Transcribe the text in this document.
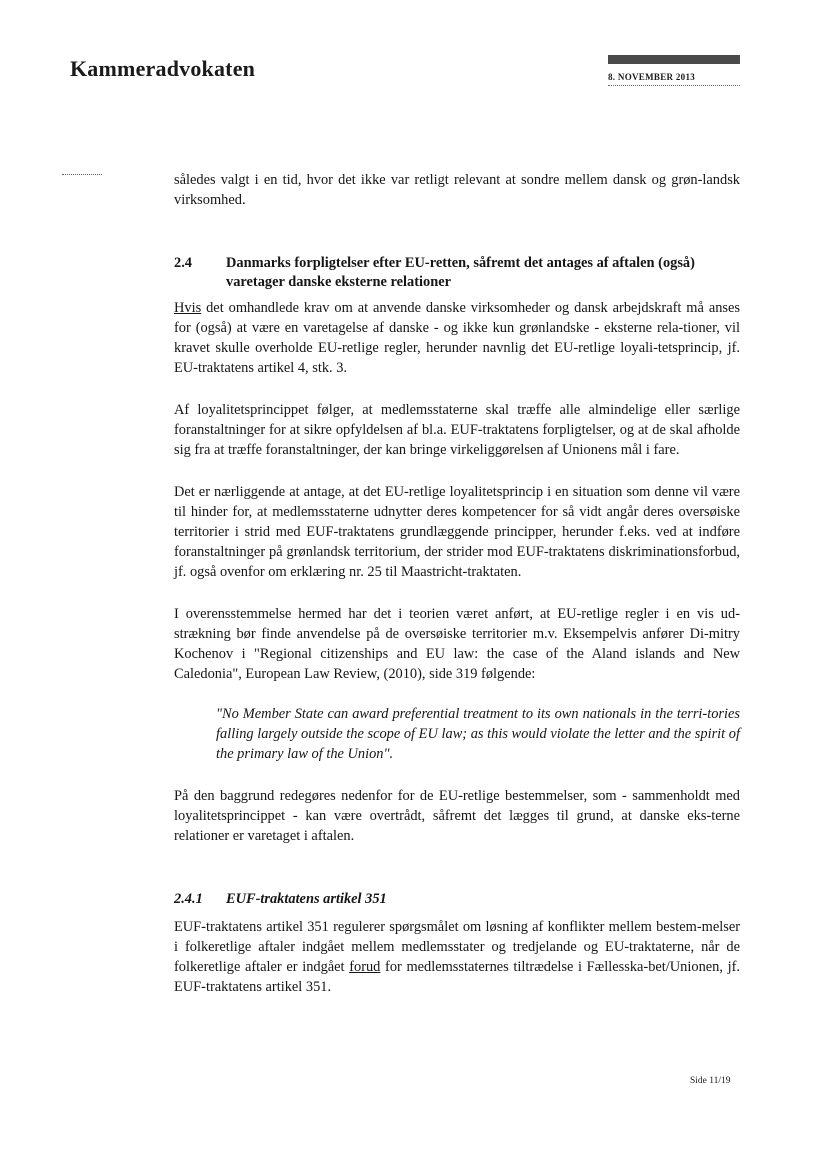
Kammeradvokaten	8. NOVEMBER 2013

således valgt i en tid, hvor det ikke var retligt relevant at sondre mellem dansk og grøn-landsk virksomhed.

2.4	Danmarks forpligtelser efter EU-retten, såfremt det antages af aftalen (også) varetager danske eksterne relationer

Hvis det omhandlede krav om at anvende danske virksomheder og dansk arbejdskraft må anses for (også) at være en varetagelse af danske - og ikke kun grønlandske - eksterne rela-tioner, vil kravet skulle overholde EU-retlige regler, herunder navnlig det EU-retlige loyali-tetsprincip, jf. EU-traktatens artikel 4, stk. 3.

Af loyalitetsprincippet følger, at medlemsstaterne skal træffe alle almindelige eller særlige foranstaltninger for at sikre opfyldelsen af bl.a. EUF-traktatens forpligtelser, og at de skal afholde sig fra at træffe foranstaltninger, der kan bringe virkeliggørelsen af Unionens mål i fare.

Det er nærliggende at antage, at det EU-retlige loyalitetsprincip i en situation som denne vil være til hinder for, at medlemsstaterne udnytter deres kompetencer for så vidt angår deres oversøiske territorier i strid med EUF-traktatens grundlæggende principper, herunder f.eks. ved at indføre foranstaltninger på grønlandsk territorium, der strider mod EUF-traktatens diskriminationsforbud, jf. også ovenfor om erklæring nr. 25 til Maastricht-traktaten.

I overensstemmelse hermed har det i teorien været anført, at EU-retlige regler i en vis ud-strækning bør finde anvendelse på de oversøiske territorier m.v. Eksempelvis anfører Di-mitry Kochenov i "Regional citizenships and EU law: the case of the Aland islands and New Caledonia", European Law Review, (2010), side 319 følgende:

"No Member State can award preferential treatment to its own nationals in the terri-tories falling largely outside the scope of EU law; as this would violate the letter and the spirit of the primary law of the Union".

På den baggrund redegøres nedenfor for de EU-retlige bestemmelser, som - sammenholdt med loyalitetsprincippet - kan være overtrådt, såfremt det lægges til grund, at danske eks-terne relationer er varetaget i aftalen.

2.4.1	EUF-traktatens artikel 351

EUF-traktatens artikel 351 regulerer spørgsmålet om løsning af konflikter mellem bestem-melser i folkeretlige aftaler indgået mellem medlemsstater og tredjelande og EU-traktaterne, når de folkeretlige aftaler er indgået forud for medlemsstaternes tiltrædelse i Fællesska-bet/Unionen, jf. EUF-traktatens artikel 351.

Side 11/19
